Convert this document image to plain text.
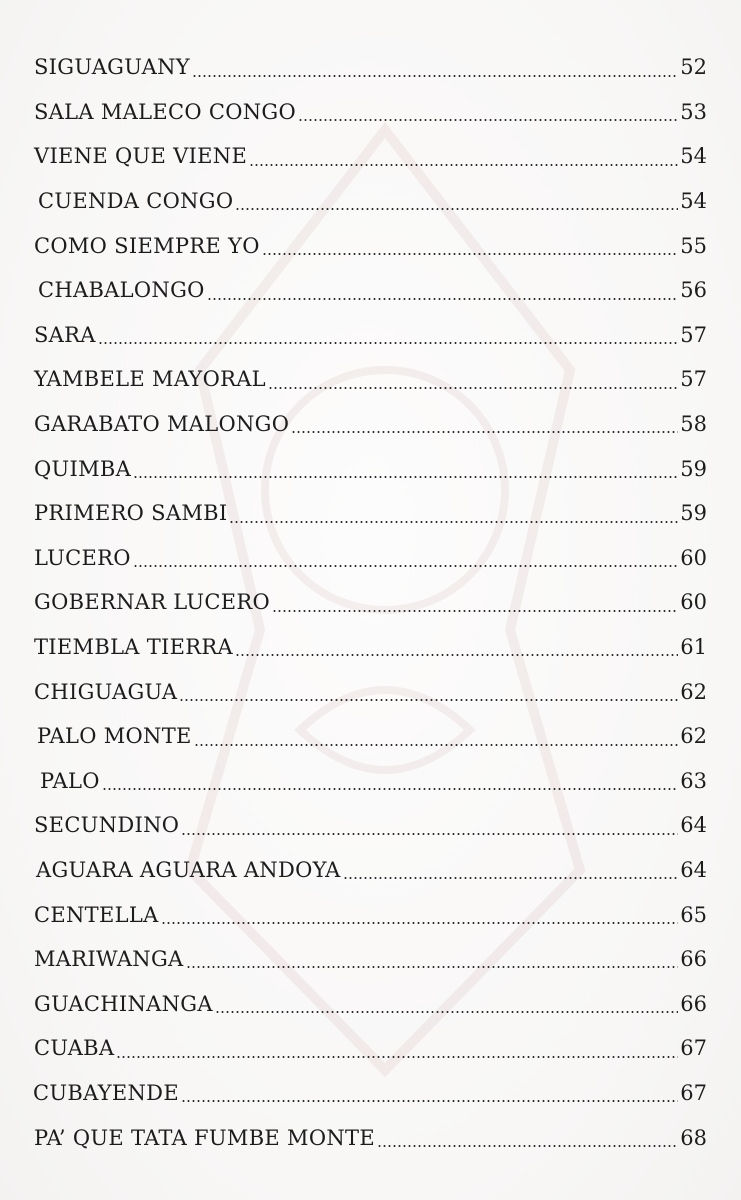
SIGUAGUANY	52
SALA MALECO CONGO	53
VIENE QUE VIENE	54
CUENDA CONGO	54
COMO SIEMPRE YO	55
CHABALONGO	56
SARA	57
YAMBELE MAYORAL	57
GARABATO MALONGO	58
QUIMBA	59
PRIMERO SAMBI	59
LUCERO	60
GOBERNAR LUCERO	60
TIEMBLA TIERRA	61
CHIGUAGUA	62
PALO MONTE	62
PALO	63
SECUNDINO	64
AGUARA AGUARA ANDOYA	64
CENTELLA	65
MARIWANGA	66
GUACHINANGA	66
CUABA	67
CUBAYENDE	67
PA’ QUE TATA FUMBE MONTE	68
